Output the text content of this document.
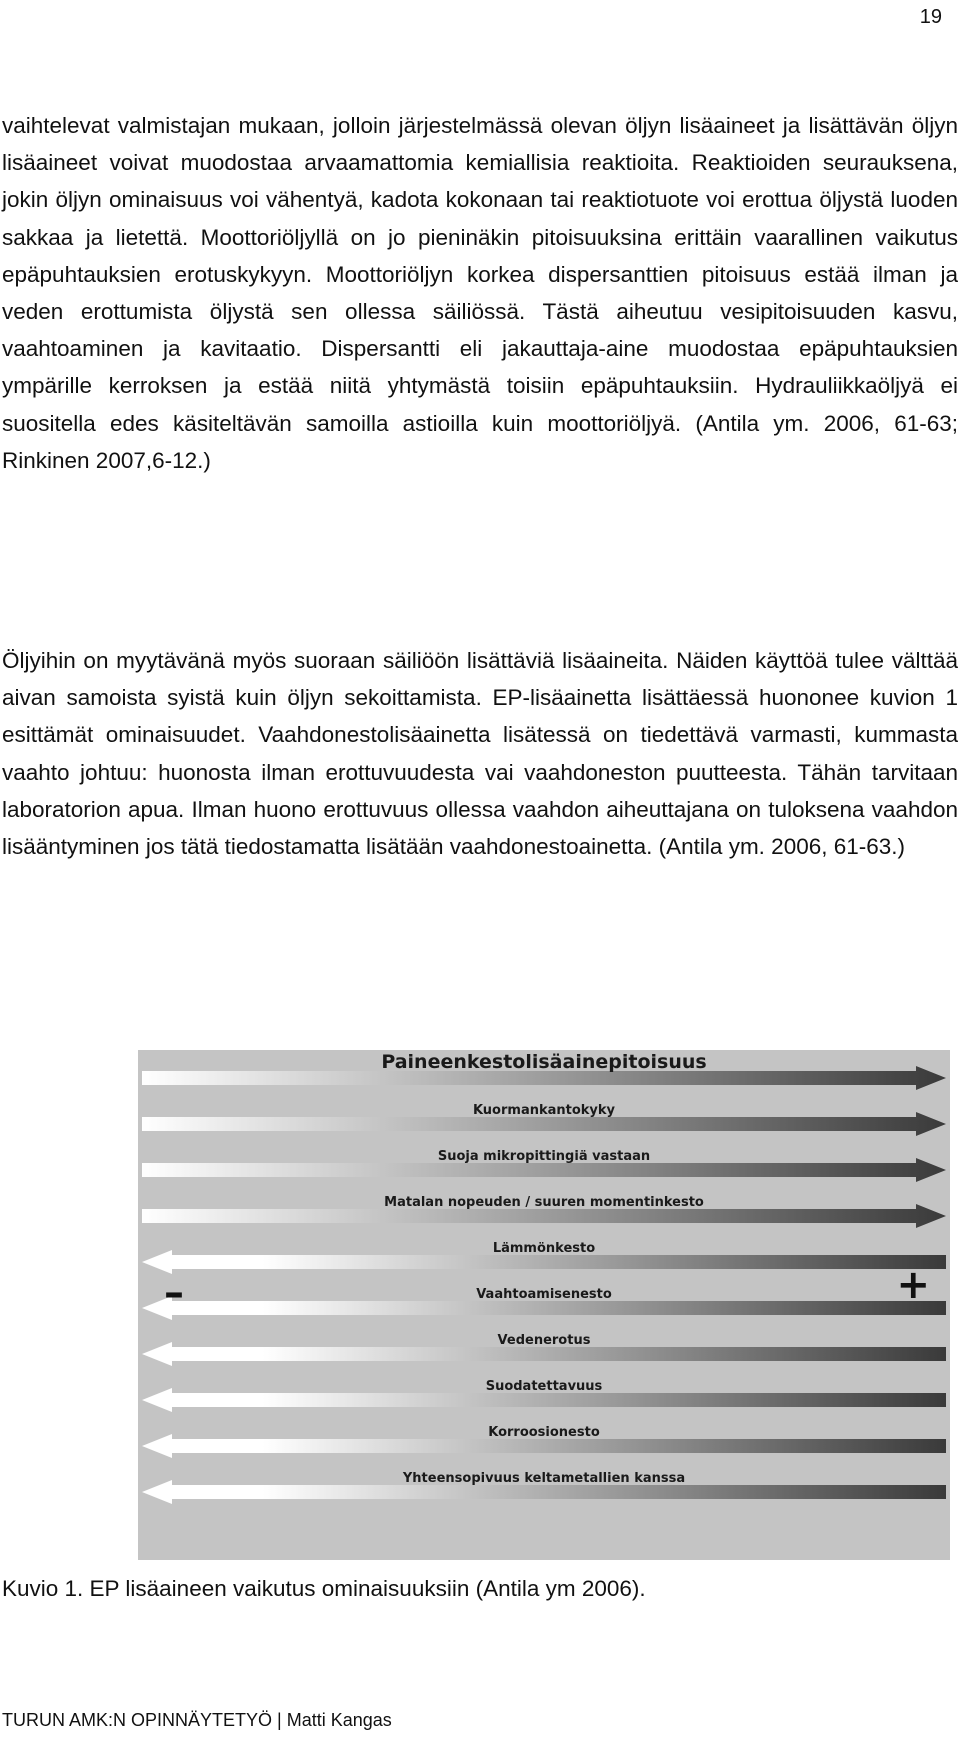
19
vaihtelevat valmistajan mukaan, jolloin järjestelmässä olevan öljyn lisäaineet ja lisättävän öljyn lisäaineet voivat muodostaa arvaamattomia kemiallisia reaktioita. Reaktioiden seurauksena, jokin öljyn ominaisuus voi vähentyä, kadota kokonaan tai reaktiotuote voi erottua öljystä luoden sakkaa ja lietettä. Moottoriöljyllä on jo pieninäkin pitoisuuksina erittäin vaarallinen vaikutus epäpuhtauksien erotuskykyyn. Moottoriöljyn korkea dispersanttien pitoisuus estää ilman ja veden erottumista öljystä sen ollessa säiliössä. Tästä aiheutuu vesipitoisuuden kasvu, vaahtoaminen ja kavitaatio. Dispersantti eli jakauttaja-aine muodostaa epäpuhtauksien ympärille kerroksen ja estää niitä yhtymästä toisiin epäpuhtauksiin. Hydrauliikkaöljyä ei suositella edes käsiteltävän samoilla astioilla kuin moottoriöljyä. (Antila ym. 2006, 61-63; Rinkinen 2007,6-12.)
Öljyihin on myytävänä myös suoraan säiliöön lisättäviä lisäaineita. Näiden käyttöä tulee välttää aivan samoista syistä kuin öljyn sekoittamista. EP-lisäainetta lisättäessä huononee kuvion 1 esittämät ominaisuudet. Vaahdonestolisäainetta lisätessä on tiedettävä varmasti, kummasta vaahto johtuu: huonosta ilman erottuvuudesta vai vaahdoneston puutteesta. Tähän tarvitaan laboratorion apua. Ilman huono erottuvuus ollessa vaahdon aiheuttajana on tuloksena vaahdon lisääntyminen jos tätä tiedostamatta lisätään vaahdonestoainetta. (Antila ym. 2006, 61-63.)
Paineenkestolisäainepitoisuus
Kuormankantokyky
Suoja mikropittingiä vastaan
Matalan nopeuden / suuren momentinkesto
Lämmönkesto
Vaahtoamisenesto
Vedenerotus
Suodatettavuus
Korroosionesto
Yhteensopivuus keltametallien kanssa
–	+
Kuvio 1. EP lisäaineen vaikutus ominaisuuksiin (Antila ym 2006).
TURUN AMK:N OPINNÄYTETYÖ | Matti Kangas
